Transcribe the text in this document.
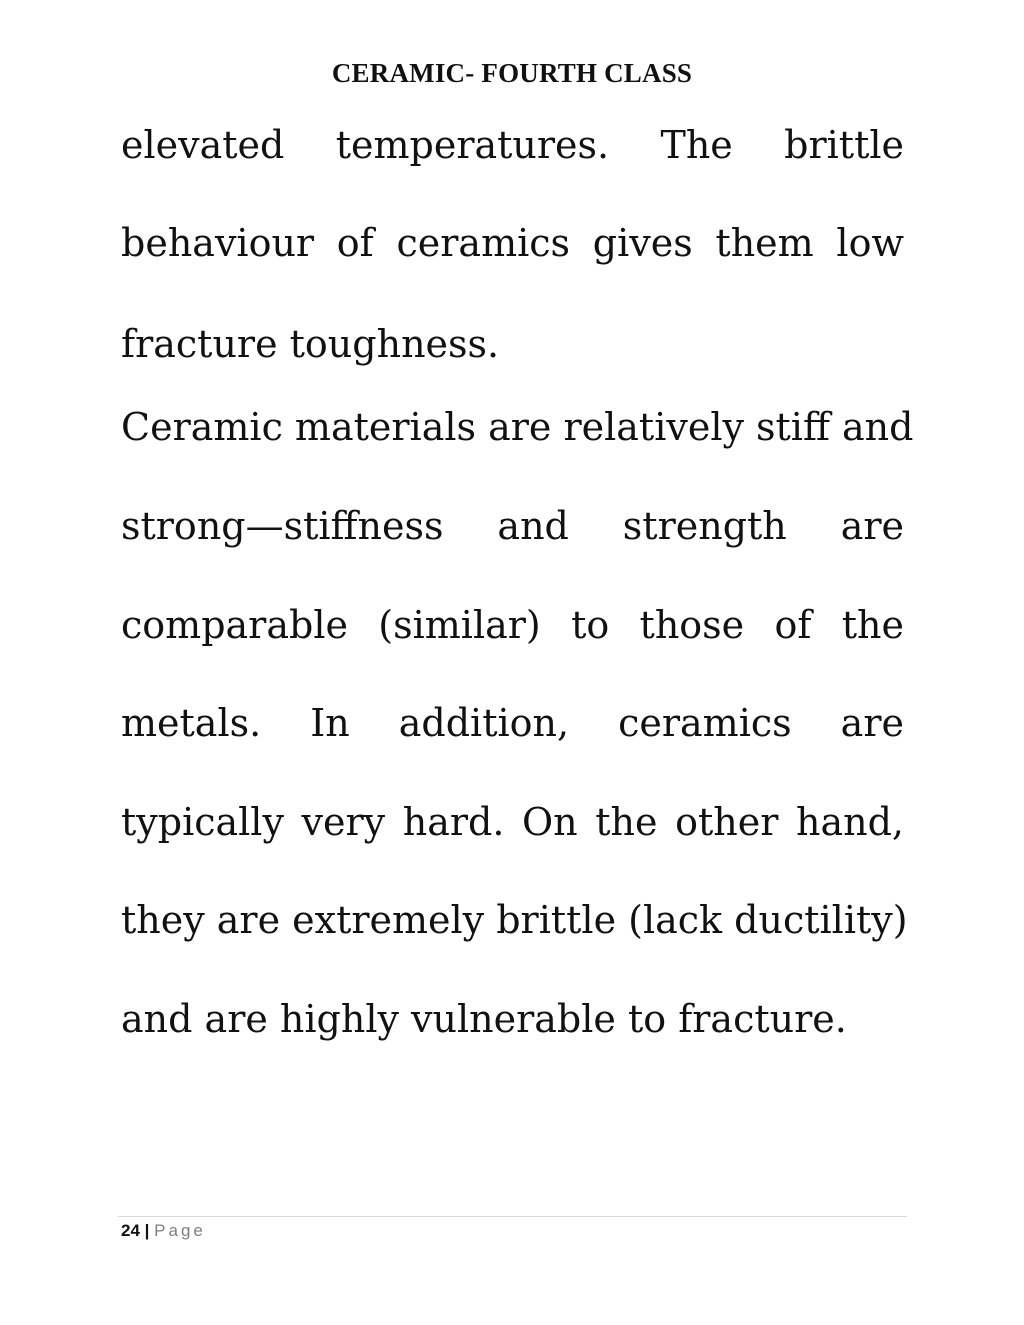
CERAMIC- FOURTH CLASS
elevated temperatures. The brittle
behaviour of ceramics gives them low
fracture toughness.
Ceramic materials are relatively stiff and
strong—stiffness and strength are
comparable (similar) to those of the
metals. In addition, ceramics are
typically very hard. On the other hand,
they are extremely brittle (lack ductility)
and are highly vulnerable to fracture.
24 | Page
